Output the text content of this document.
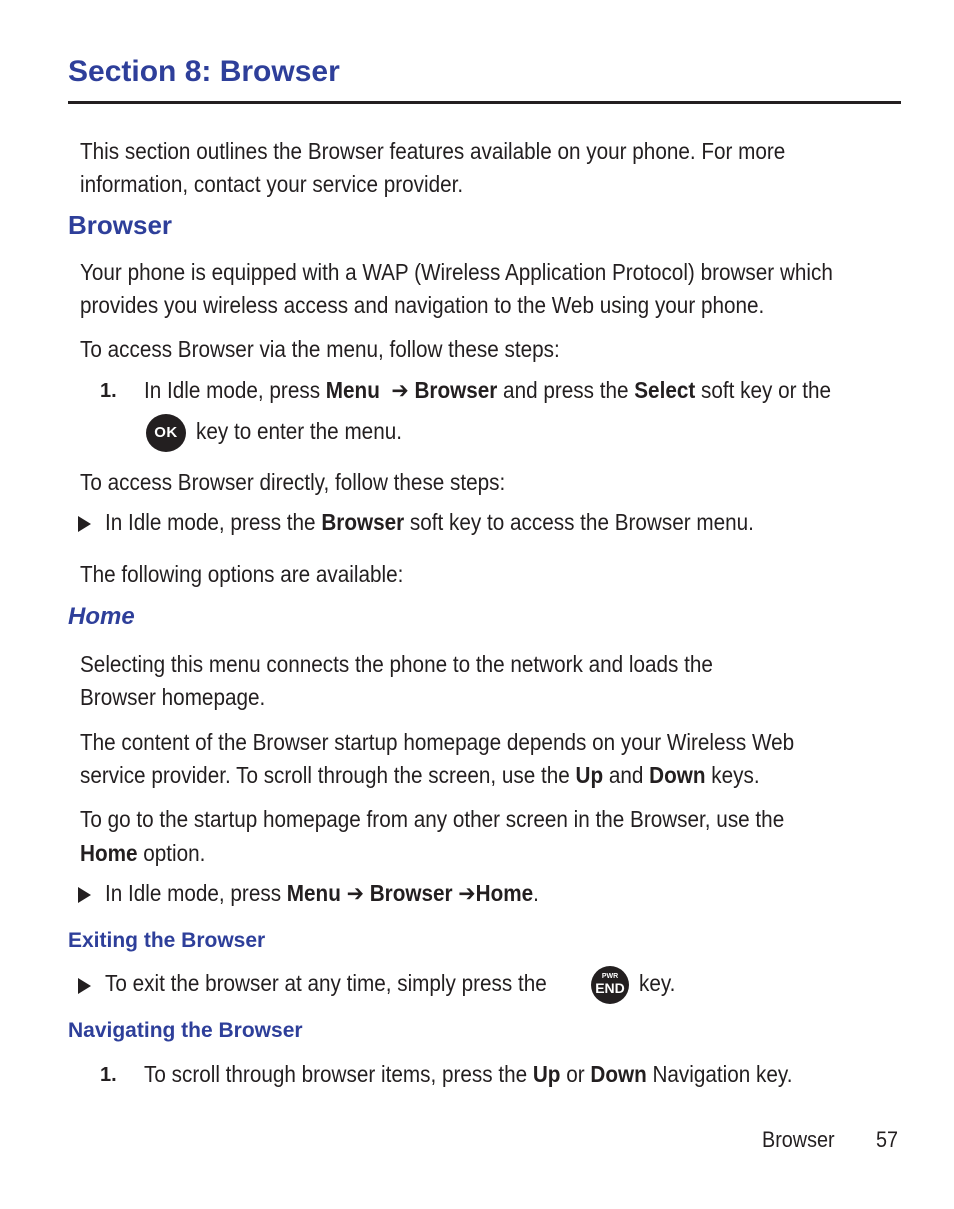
Section 8: Browser
This section outlines the Browser features available on your phone. For more
information, contact your service provider.
Browser
Your phone is equipped with a WAP (Wireless Application Protocol) browser which
provides you wireless access and navigation to the Web using your phone.
To access Browser via the menu, follow these steps:
1. In Idle mode, press Menu ➔ Browser and press the Select soft key or the
OK key to enter the menu.
To access Browser directly, follow these steps:
In Idle mode, press the Browser soft key to access the Browser menu.
The following options are available:
Home
Selecting this menu connects the phone to the network and loads the
Browser homepage.
The content of the Browser startup homepage depends on your Wireless Web
service provider. To scroll through the screen, use the Up and Down keys.
To go to the startup homepage from any other screen in the Browser, use the
Home option.
In Idle mode, press Menu ➔ Browser ➔Home.
Exiting the Browser
To exit the browser at any time, simply press the	PWR
END key.
Navigating the Browser
1. To scroll through browser items, press the Up or Down Navigation key.
Browser 57
